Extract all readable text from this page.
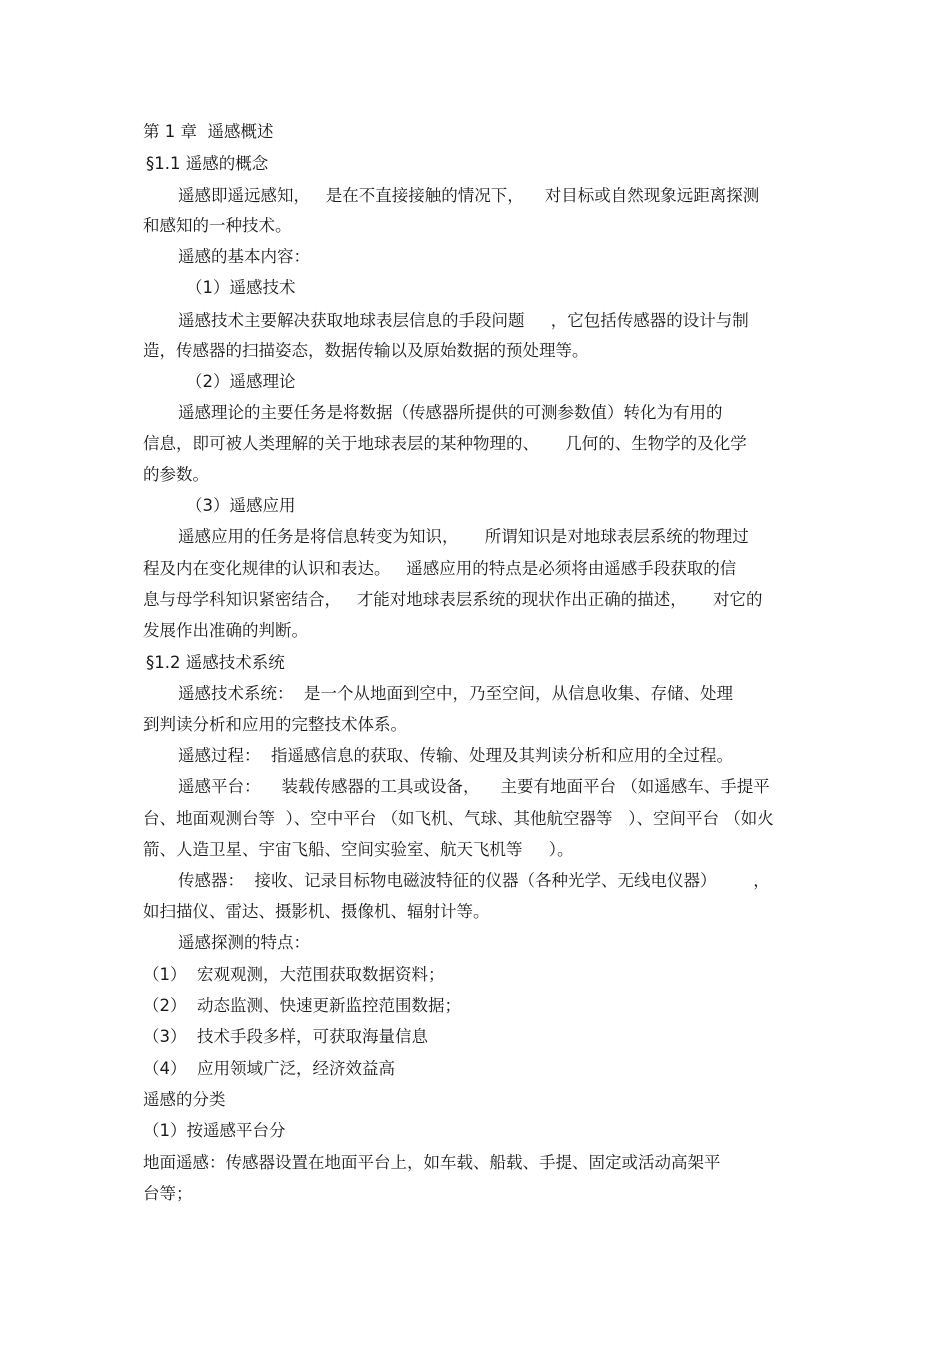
第 1 章  遥感概述
§1.1 遥感的概念
遥感即遥远感知，   是在不直接接触的情况下，    对目标或自然现象远距离探测
和感知的一种技术。
遥感的基本内容：
（1）遥感技术
遥感技术主要解决获取地球表层信息的手段问题     ，它包括传感器的设计与制
造，传感器的扫描姿态，数据传输以及原始数据的预处理等。
（2）遥感理论
遥感理论的主要任务是将数据（传感器所提供的可测参数值）转化为有用的
信息，即可被人类理解的关于地球表层的某种物理的、     几何的、生物学的及化学
的参数。
（3）遥感应用
遥感应用的任务是将信息转变为知识，     所谓知识是对地球表层系统的物理过
程及内在变化规律的认识和表达。   遥感应用的特点是必须将由遥感手段获取的信
息与母学科知识紧密结合，   才能对地球表层系统的现状作出正确的描述，     对它的
发展作出准确的判断。
§1.2 遥感技术系统
遥感技术系统：  是一个从地面到空中，乃至空间，从信息收集、存储、处理
到判读分析和应用的完整技术体系。
遥感过程：  指遥感信息的获取、传输、处理及其判读分析和应用的全过程。
遥感平台：    装载传感器的工具或设备，    主要有地面平台 （如遥感车、手提平
台、地面观测台等  ）、空中平台 （如飞机、气球、其他航空器等   ）、空间平台 （如火
箭、人造卫星、宇宙飞船、空间实验室、航天飞机等     ）。
传感器：  接收、记录目标物电磁波特征的仪器（各种光学、无线电仪器）       ，
如扫描仪、雷达、摄影机、摄像机、辐射计等。
遥感探测的特点：
（1）  宏观观测，大范围获取数据资料；
（2）  动态监测、快速更新监控范围数据；
（3）  技术手段多样，可获取海量信息
（4）  应用领域广泛，经济效益高
遥感的分类
（1）按遥感平台分
地面遥感：传感器设置在地面平台上，如车载、船载、手提、固定或活动高架平
台等；
